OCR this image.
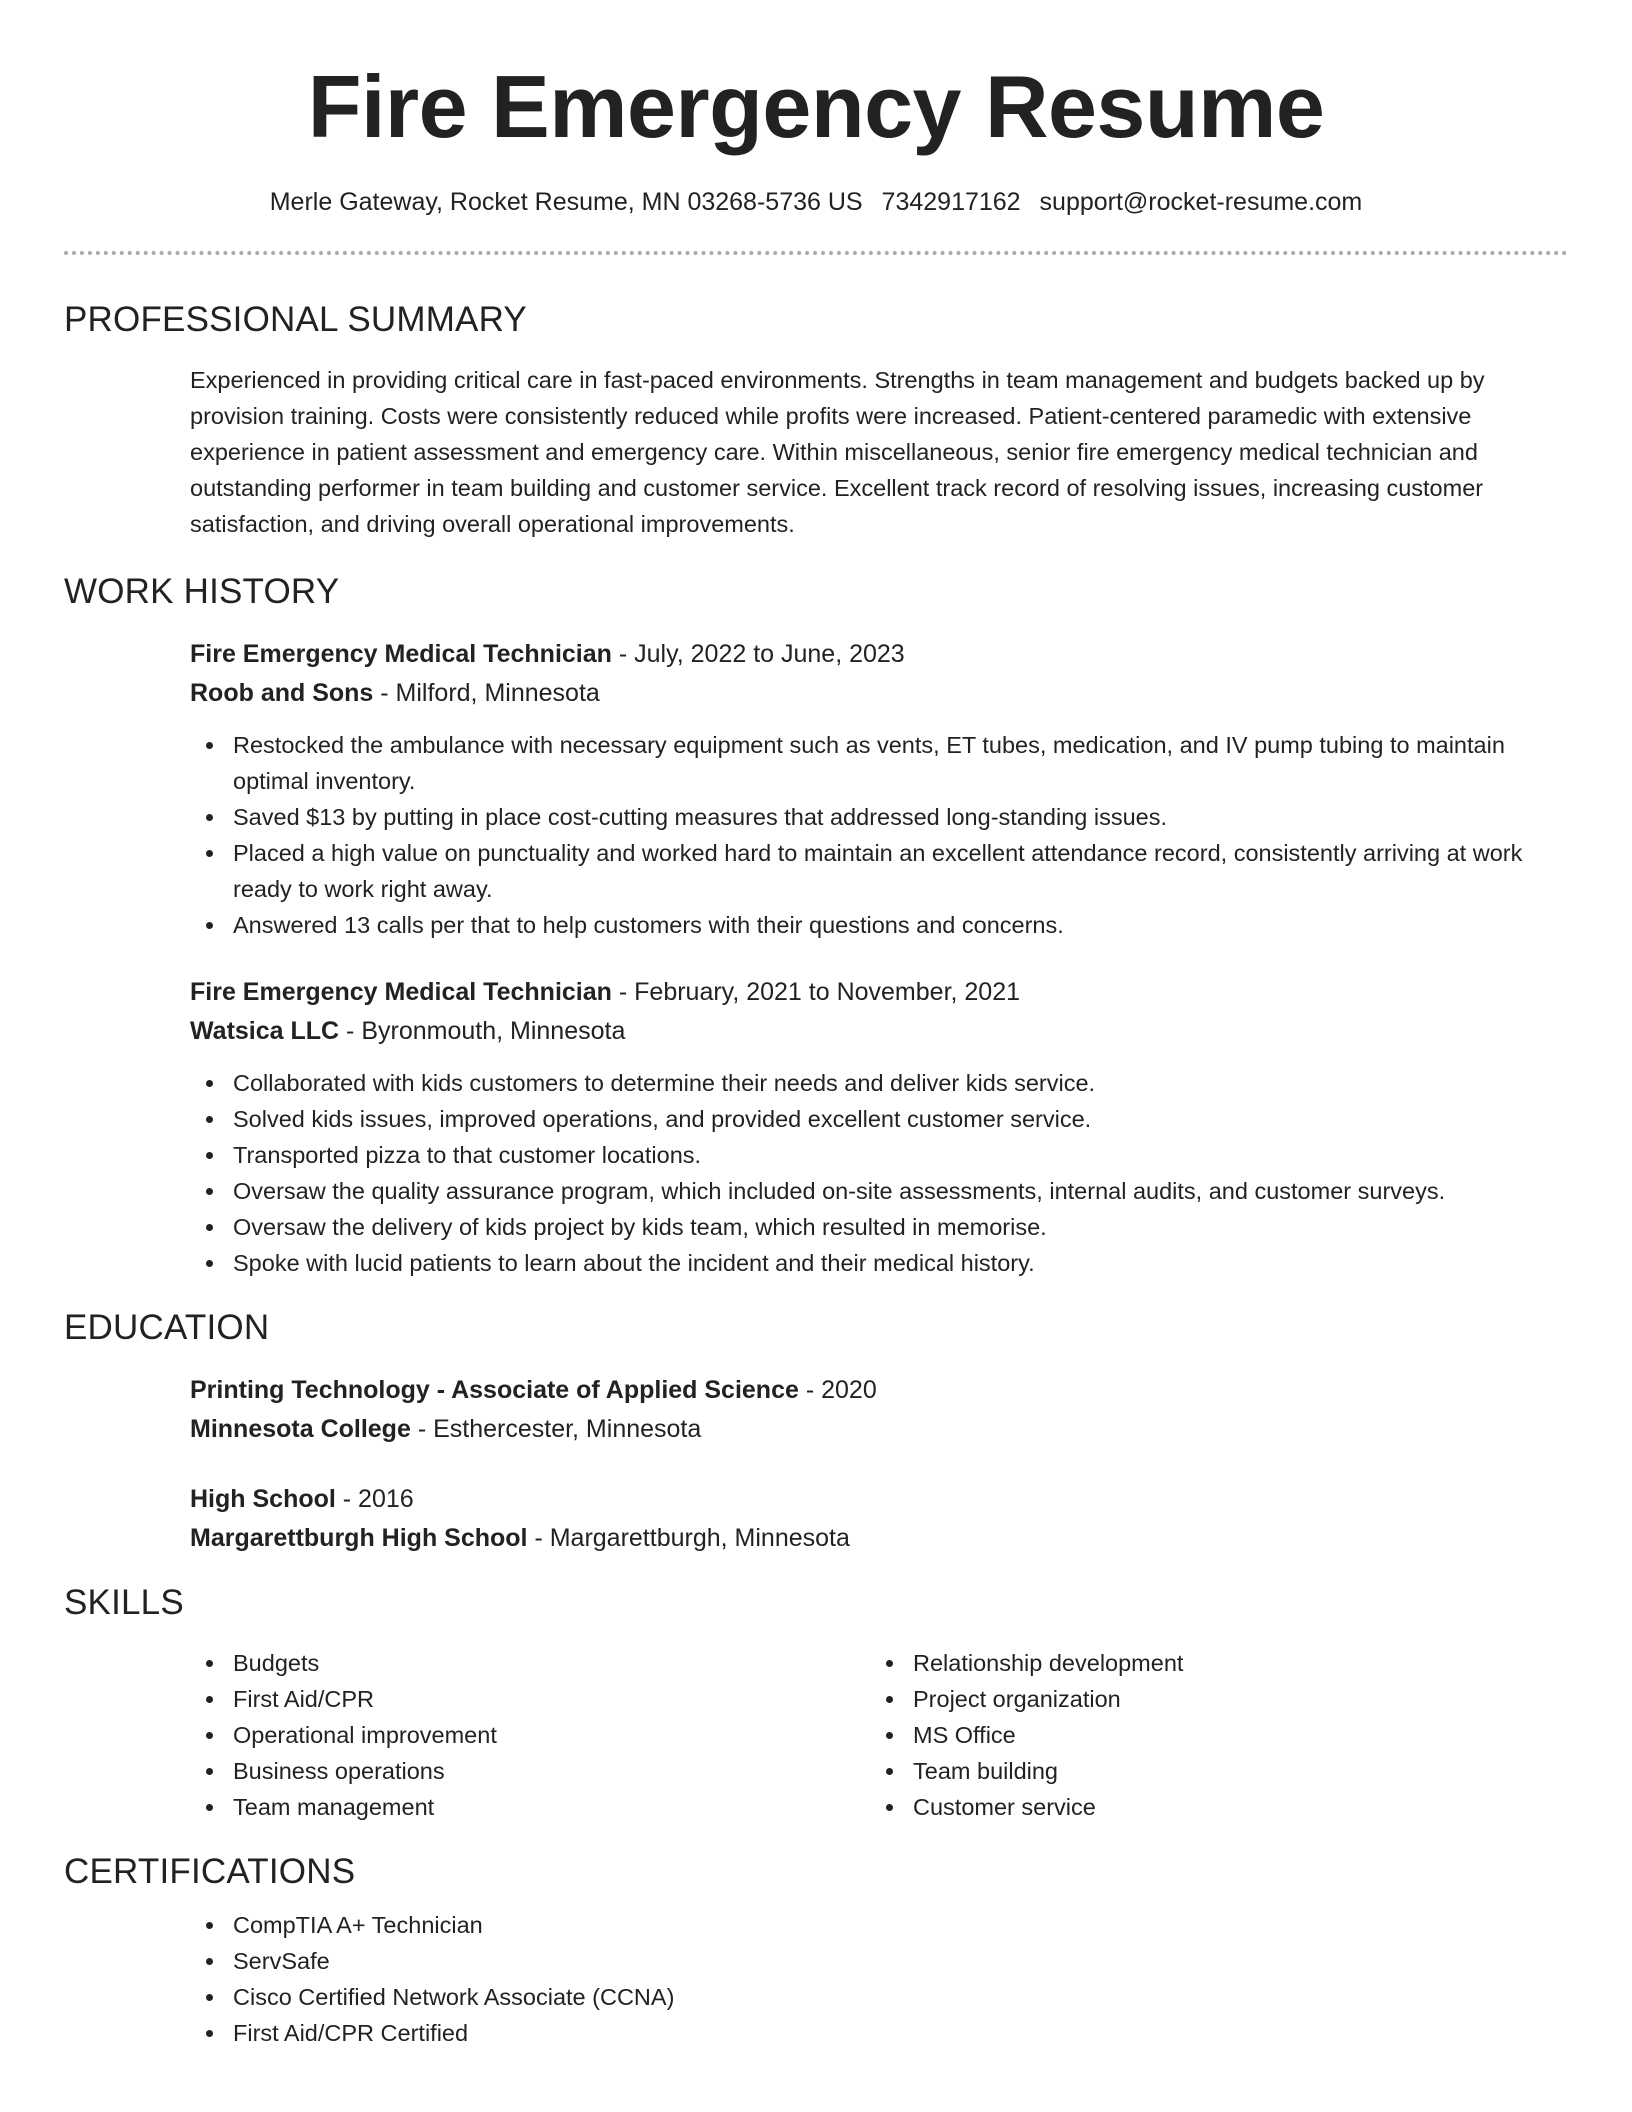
Fire Emergency Resume
Merle Gateway, Rocket Resume, MN 03268-5736 US 7342917162 support@rocket-resume.com
PROFESSIONAL SUMMARY

Experienced in providing critical care in fast-paced environments. Strengths in team management and budgets backed up by provision training. Costs were consistently reduced while profits were increased. Patient-centered paramedic with extensive experience in patient assessment and emergency care. Within miscellaneous, senior fire emergency medical technician and outstanding performer in team building and customer service. Excellent track record of resolving issues, increasing customer satisfaction, and driving overall operational improvements.

WORK HISTORY
Fire Emergency Medical Technician - July, 2022 to June, 2023
Roob and Sons - Milford, Minnesota
Restocked the ambulance with necessary equipment such as vents, ET tubes, medication, and IV pump tubing to maintain optimal inventory.
Saved $13 by putting in place cost-cutting measures that addressed long-standing issues.
Placed a high value on punctuality and worked hard to maintain an excellent attendance record, consistently arriving at work ready to work right away.
Answered 13 calls per that to help customers with their questions and concerns.
Fire Emergency Medical Technician - February, 2021 to November, 2021
Watsica LLC - Byronmouth, Minnesota
Collaborated with kids customers to determine their needs and deliver kids service.
Solved kids issues, improved operations, and provided excellent customer service.
Transported pizza to that customer locations.
Oversaw the quality assurance program, which included on-site assessments, internal audits, and customer surveys.
Oversaw the delivery of kids project by kids team, which resulted in memorise.
Spoke with lucid patients to learn about the incident and their medical history.
EDUCATION
Printing Technology - Associate of Applied Science - 2020
Minnesota College - Esthercester, Minnesota
High School - 2016
Margarettburgh High School - Margarettburgh, Minnesota
SKILLS
Budgets
First Aid/CPR
Operational improvement
Business operations
Team management
Relationship development
Project organization
MS Office
Team building
Customer service
CERTIFICATIONS
CompTIA A+ Technician
ServSafe
Cisco Certified Network Associate (CCNA)
First Aid/CPR Certified
